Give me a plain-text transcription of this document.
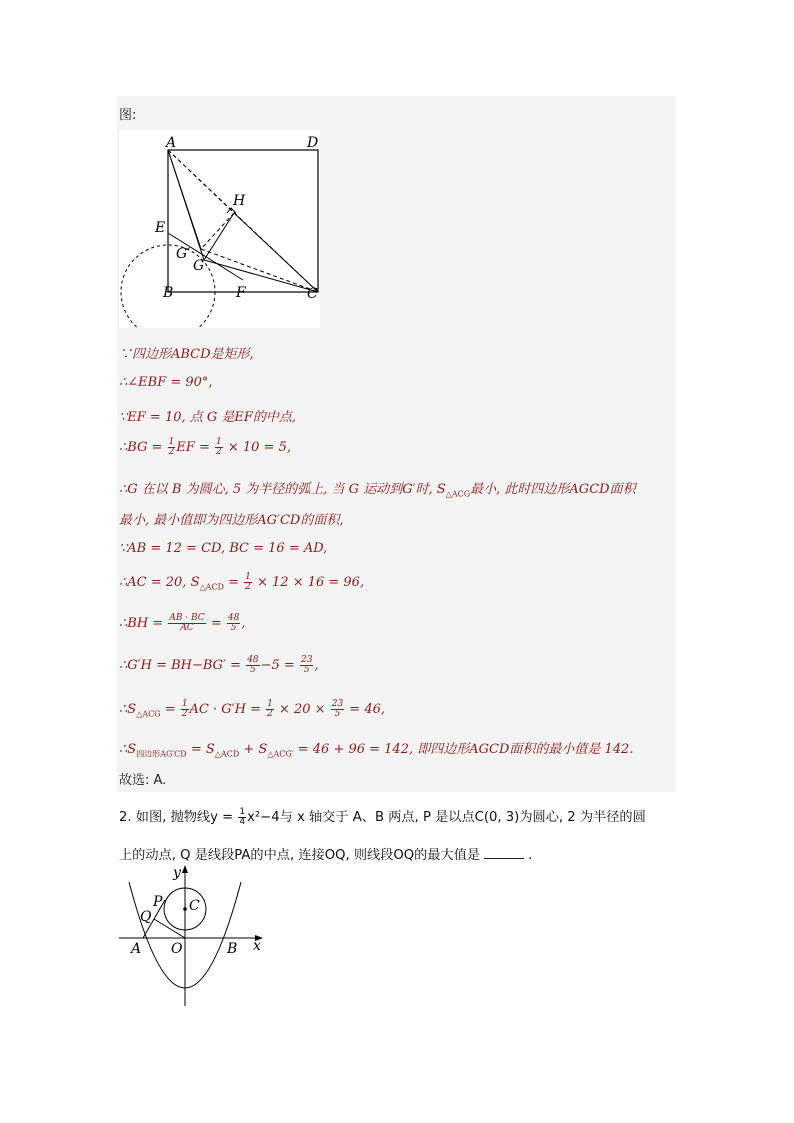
图:
A	D
H
E
G′
G
B	F	C
∵四边形ABCD是矩形,
∴∠EBF = 90°,
∵EF = 10, 点 G 是EF的中点,
∴BG = $\frac{1}{2}$ EF = $\frac{1}{2} \times 10 = 5$,
∴G 在以 B 为圆心, 5 为半径的弧上, 当 G 运动到G′时, $S_{\triangle ACG}$最小, 此时四边形AGCD面积
最小, 最小值即为四边形AG′CD的面积,
∵AB = 12 = CD, BC = 16 = AD,
∴AC = 20, $S_{\triangle ACD} = \frac{1}{2} \times 12 \times 16 = 96$,
∴BH = $\frac{AB \cdot BC}{AC} = \frac{48}{5}$ ,
∴G′H = $BH-BG' = \frac{48}{5} -5 = \frac{23}{5}$ ,
$\therefore S_{\triangle ACG} = \frac{1}{2}$ AC · $G'H = \frac{1}{2} \times 20 \times \frac{23}{5} = 46$,
$\therefore S_{四边形AG'CD} = S_{\triangle ACD} + S_{\triangle ACG'} = 46 + 96 = 142$, 即四边形AGCD面积的最小值是 142.
故选: A.
2. 如图, 抛物线$y = \frac{1}{4} x^2-4$与 x 轴交于 A、B 两点, P 是以点C(0, 3)为圆心, 2 为半径的圆
上的动点, Q 是线段PA的中点, 连接OQ, 则线段OQ的最大值是	.
y
x
C
P
Q
A O	B
